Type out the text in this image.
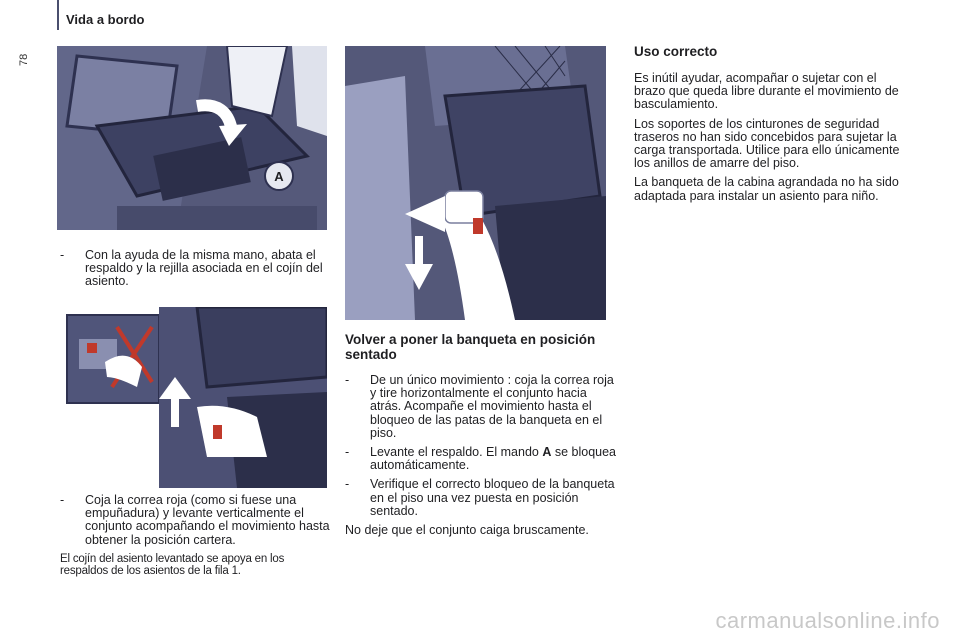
Vida a bordo
78
A
- Con la ayuda de la misma mano, abata el respaldo y la rejilla asociada en el cojín del asiento.
- Coja la correa roja (como si fuese una empuñadura) y levante verticalmente el conjunto acompañando el movimiento hasta obtener la posición cartera.

El cojín del asiento levantado se apoya en los respaldos de los asientos de la fila 1.

Volver a poner la banqueta en posición sentado
- De un único movimiento : coja la correa roja y tire horizontalmente el conjunto hacia atrás. Acompañe el movimiento hasta el bloqueo de las patas de la banqueta en el piso.
- Levante el respaldo. El mando A se bloquea automáticamente.
- Verifique el correcto bloqueo de la banqueta en el piso una vez puesta en posición sentado.

No deje que el conjunto caiga bruscamente.

Uso correcto

Es inútil ayudar, acompañar o sujetar con el brazo que queda libre durante el movimiento de basculamiento.

Los soportes de los cinturones de seguridad traseros no han sido concebidos para sujetar la carga transportada. Utilice para ello únicamente los anillos de amarre del piso.

La banqueta de la cabina agrandada no ha sido adaptada para instalar un asiento para niño.

carmanualsonline.info
